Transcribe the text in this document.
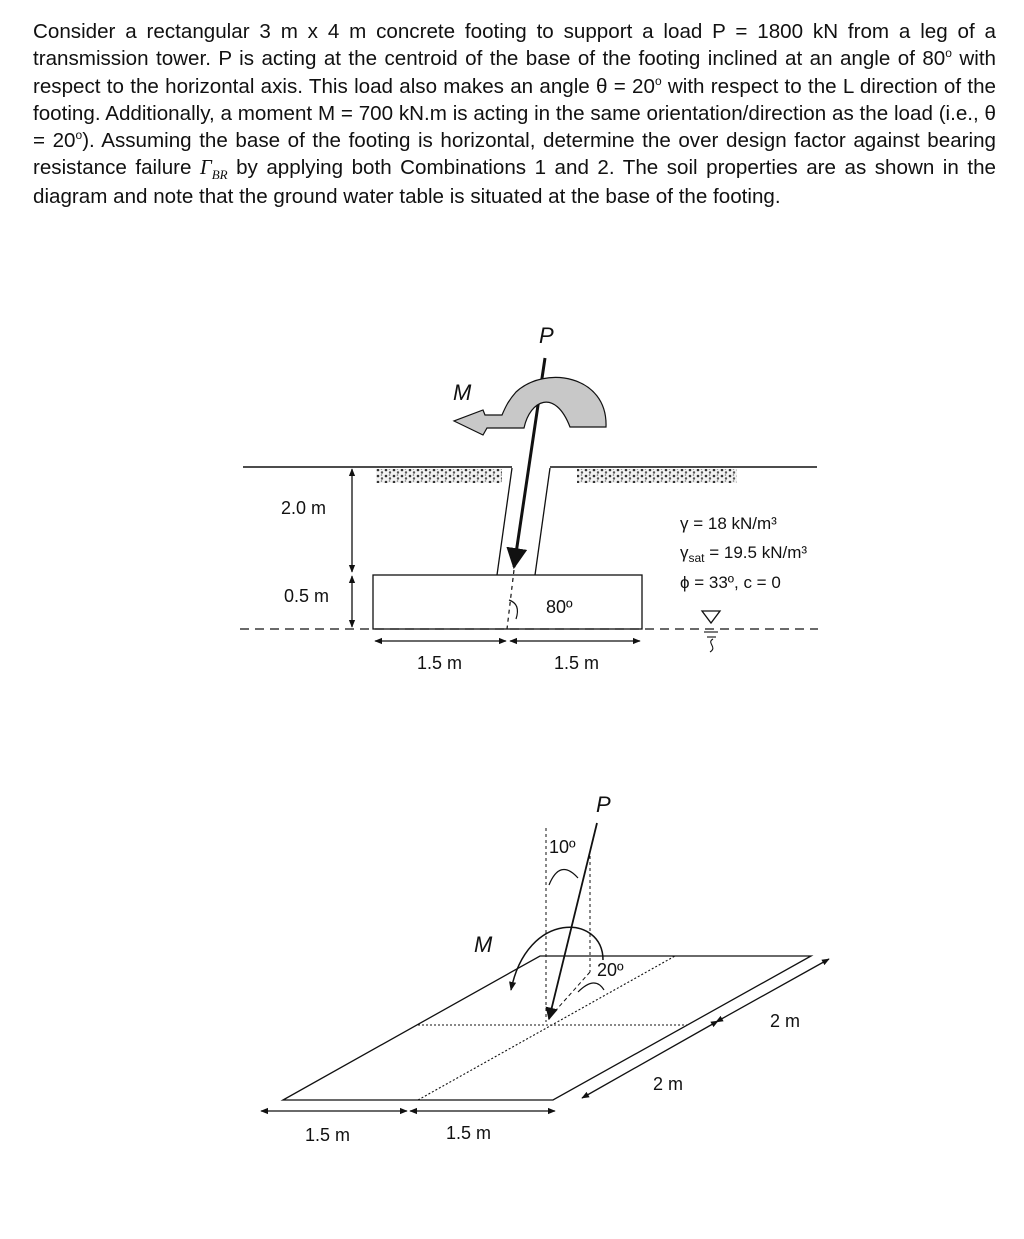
Consider a rectangular 3 m x 4 m concrete footing to support a load P = 1800 kN from a leg of a transmission tower. P is acting at the centroid of the base of the footing inclined at an angle of 80$^o$ with respect to the horizontal axis. This load also makes an angle $\theta = 20^o$ with respect to the L direction of the footing. Additionally, a moment M = 700 kN.m is acting in the same orientation/direction as the load (i.e., $\theta = 20^o$). Assuming the base of the footing is horizontal, determine the over design factor against bearing resistance failure $\Gamma_{BR}$ by applying both Combinations 1 and 2. The soil properties are as shown in the diagram and note that the ground water table is situated at the base of the footing.

P
M
80º
2.0 m
0.5 m
1.5 m	1.5 m
γ = 18 kN/m³
$\gamma_{sat} = 19.5$ kN/m³
ϕ = 33º, c = 0
P
10º
20º
M
1.5 m	1.5 m
2 m
2 m
